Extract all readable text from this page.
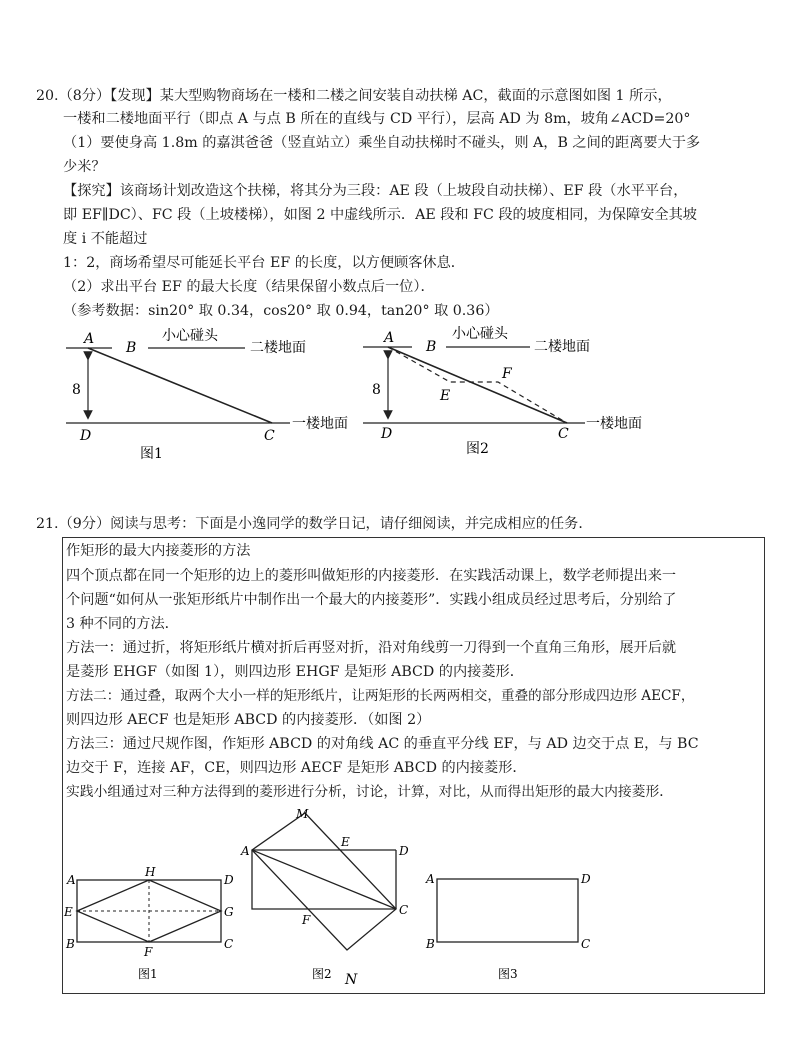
20.（8分）【发现】某大型购物商场在一楼和二楼之间安装自动扶梯 AC，截面的示意图如图 1 所示，
一楼和二楼地面平行（即点 A 与点 B 所在的直线与 CD 平行），层高 AD 为 8m，坡角∠ACD=20°
（1）要使身高 1.8m 的嘉淇爸爸（竖直站立）乘坐自动扶梯时不碰头，则 A，B 之间的距离要大于多
少米？
【探究】该商场计划改造这个扶梯，将其分为三段：AE 段（上坡段自动扶梯）、EF 段（水平平台，
即 EF∥DC）、FC 段（上坡楼梯），如图 2 中虚线所示．AE 段和 FC 段的坡度相同，为保障安全其坡
度 i 不能超过
1：2，商场希望尽可能延长平台 EF 的长度，以方便顾客休息．
（2）求出平台 EF 的最大长度（结果保留小数点后一位）．
（参考数据：sin20° 取 0.34，cos20° 取 0.94，tan20° 取 0.36）
A
B
C
D
8
小心碰头
二楼地面
一楼地面
图1
A
B
C
D
E
F
8
小心碰头
二楼地面
一楼地面
图2
21.（9分）阅读与思考：下面是小逸同学的数学日记，请仔细阅读，并完成相应的任务．
作矩形的最大内接菱形的方法
四个顶点都在同一个矩形的边上的菱形叫做矩形的内接菱形．在实践活动课上，数学老师提出来一
个问题“如何从一张矩形纸片中制作出一个最大的内接菱形”．实践小组成员经过思考后，分别给了
3 种不同的方法．
方法一：通过折，将矩形纸片横对折后再竖对折，沿对角线剪一刀得到一个直角三角形，展开后就
是菱形 EHGF（如图 1），则四边形 EHGF 是矩形 ABCD 的内接菱形．
方法二：通过叠，取两个大小一样的矩形纸片，让两矩形的长两两相交，重叠的部分形成四边形 AECF，
则四边形 AECF 也是矩形 ABCD 的内接菱形．（如图 2）
方法三：通过尺规作图，作矩形 ABCD 的对角线 AC 的垂直平分线 EF，与 AD 边交于点 E，与 BC
边交于 F，连接 AF，CE，则四边形 AECF 是矩形 ABCD 的内接菱形．
实践小组通过对三种方法得到的菱形进行分析，讨论，计算，对比，从而得出矩形的最大内接菱形．
A
B	C
D
E
F
G
H
图1
A
C
D
E
F
M
N
图2
A
B	C
D
图3
